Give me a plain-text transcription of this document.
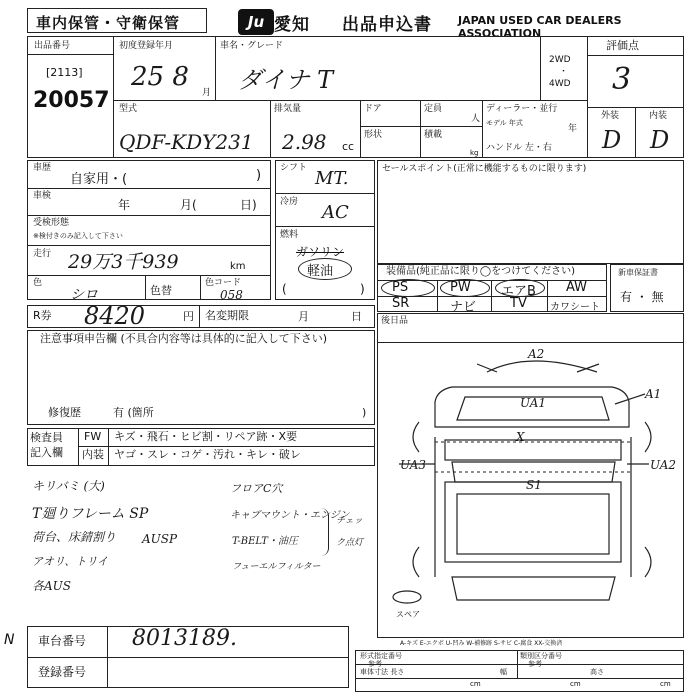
車内保管・守衛保管	Ju 愛知 出品申込書 JAPAN USED CAR DEALERS ASSOCIATION
出品番号
[2113]
20057
初度登録年月
25 8
月
車名・グレード
ダイナ T
2WD
・
4WD
評価点
3
型式
QDF-KDY231
排気量
2.98 cc
ドア	定員
人
形状	積載
kg
ディーラー・並行
モデル 年式
年
ハンドル 左・右
外装	内装
D D
車歴
自家用・(	)
車検
年	月(	日)
受検形態
※検付きのみ記入して下さい
走行 29万3千939	km
色
シロ	色替
色コード
058
シフト MT.
冷房 AC
燃料
ガソリン
軽油
(	)
セールスポイント(正常に機能するものに限ります)
装備品(純正品に限り◯をつけてください)
PS	PW エアB AW
SR	ナビ	TV カワシート
新車保証書
有 ・ 無
R券 8420	円 名変期限	月	日 後日品
注意事項申告欄 (不具合内容等は具体的に記入して下さい)
修復歴	有 (箇所	)
検査員
記入欄
FW キズ・飛石・ヒビ割・リペア跡・X要
内装 ヤゴ・スレ・コゲ・汚れ・キレ・破レ
キリバミ (大)	フロアC穴
T廻りフレーム SP	キャブマウント・エンジン
荷台、床錆割り AUSP	T-BELT・油圧
チェック点灯
アオリ、トリイ	フューエルフィルター
各AUS
A2
A1
UA1
X
UA3	UA2
S1
スペア
A-キズ E-エクボ U-凹み W-補修跡 S-サビ C-腐食 XX-交換済
N 車台番号 8013189.
登録番号
形式指定番号
参考
類別区分番号
参考
車体寸法 長さ
cm
幅
cm
高さ
cm
